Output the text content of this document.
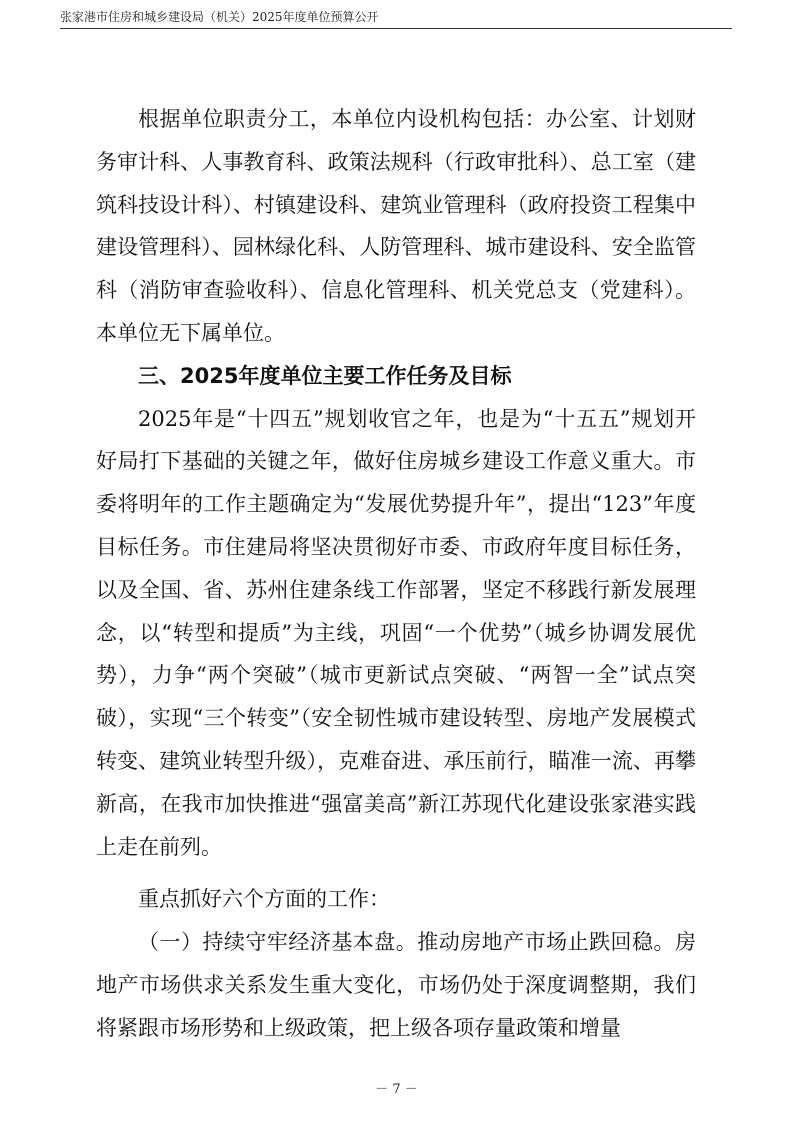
张家港市住房和城乡建设局（机关）2025年度单位预算公开

根据单位职责分工，本单位内设机构包括：办公室、计划财务审计科、人事教育科、政策法规科（行政审批科）、总工室（建筑科技设计科）、村镇建设科、建筑业管理科（政府投资工程集中建设管理科）、园林绿化科、人防管理科、城市建设科、安全监管科（消防审查验收科）、信息化管理科、机关党总支（党建科）。本单位无下属单位。

三、2025年度单位主要工作任务及目标

2025年是“十四五”规划收官之年，也是为“十五五”规划开好局打下基础的关键之年，做好住房城乡建设工作意义重大。市委将明年的工作主题确定为“发展优势提升年”，提出“123”年度目标任务。市住建局将坚决贯彻好市委、市政府年度目标任务，以及全国、省、苏州住建条线工作部署，坚定不移践行新发展理念，以“转型和提质”为主线，巩固“一个优势”（城乡协调发展优势），力争“两个突破”（城市更新试点突破、“两智一全”试点突破），实现“三个转变”（安全韧性城市建设转型、房地产发展模式转变、建筑业转型升级），克难奋进、承压前行，瞄准一流、再攀新高，在我市加快推进“强富美高”新江苏现代化建设张家港实践上走在前列。

重点抓好六个方面的工作：

（一）持续守牢经济基本盘。推动房地产市场止跌回稳。房地产市场供求关系发生重大变化，市场仍处于深度调整期，我们将紧跟市场形势和上级政策，把上级各项存量政策和增量

－ 7 －
